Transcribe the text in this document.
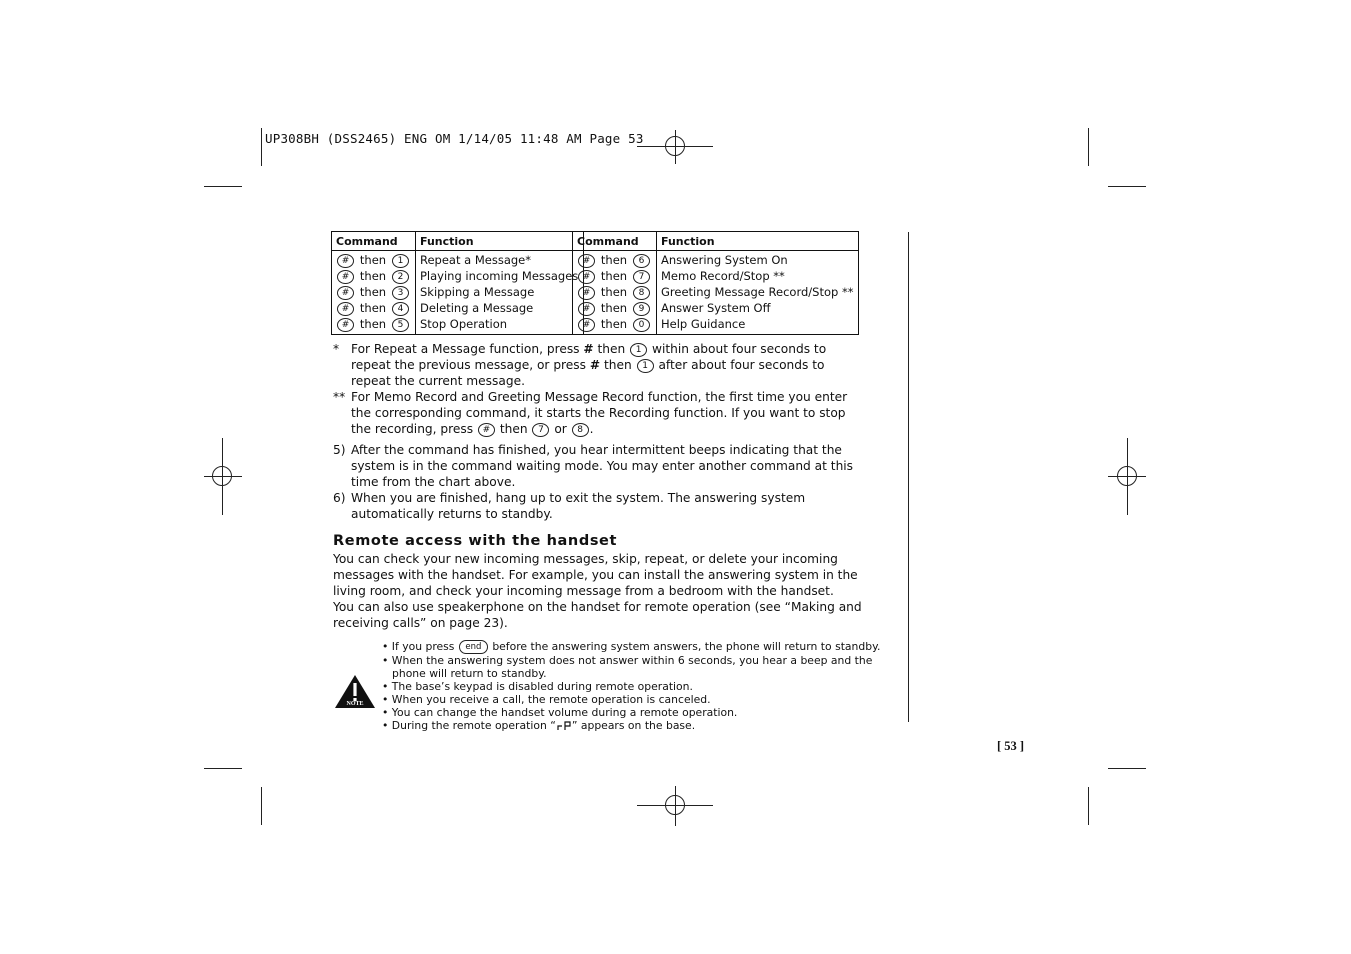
UP308BH (DSS2465) ENG OM 1/14/05 11:48 AM Page 53
Command	Function
# then 1	Repeat a Message*
# then 2	Playing incoming Messages
# then 3	Skipping a Message
# then 4	Deleting a Message
# then 5	Stop Operation
Command	Function
# then 6	Answering System On
# then 7	Memo Record/Stop **
# then 8	Greeting Message Record/Stop **
# then 9	Answer System Off
# then 0	Help Guidance
* For Repeat a Message function, press # then 1 within about four seconds to
repeat the previous message, or press # then 1 after about four seconds to
repeat the current message.
** For Memo Record and Greeting Message Record function, the first time you enter
the corresponding command, it starts the Recording function. If you want to stop
the recording, press # then 7 or 8 .
5) After the command has finished, you hear intermittent beeps indicating that the
system is in the command waiting mode. You may enter another command at this
time from the chart above.
6) When you are finished, hang up to exit the system. The answering system
automatically returns to standby.
Remote access with the handset
You can check your new incoming messages, skip, repeat, or delete your incoming
messages with the handset. For example, you can install the answering system in the
living room, and check your incoming message from a bedroom with the handset.
You can also use speakerphone on the handset for remote operation (see “Making and
receiving calls” on page 23).
NOTE
• If you press end before the answering system answers, the phone will return to standby.
• When the answering system does not answer within 6 seconds, you hear a beep and the
phone will return to standby.
• The base’s keypad is disabled during remote operation.
• When you receive a call, the remote operation is canceled.
• You can change the handset volume during a remote operation.
• During the remote operation “ ” appears on the base.
[ 53 ]
